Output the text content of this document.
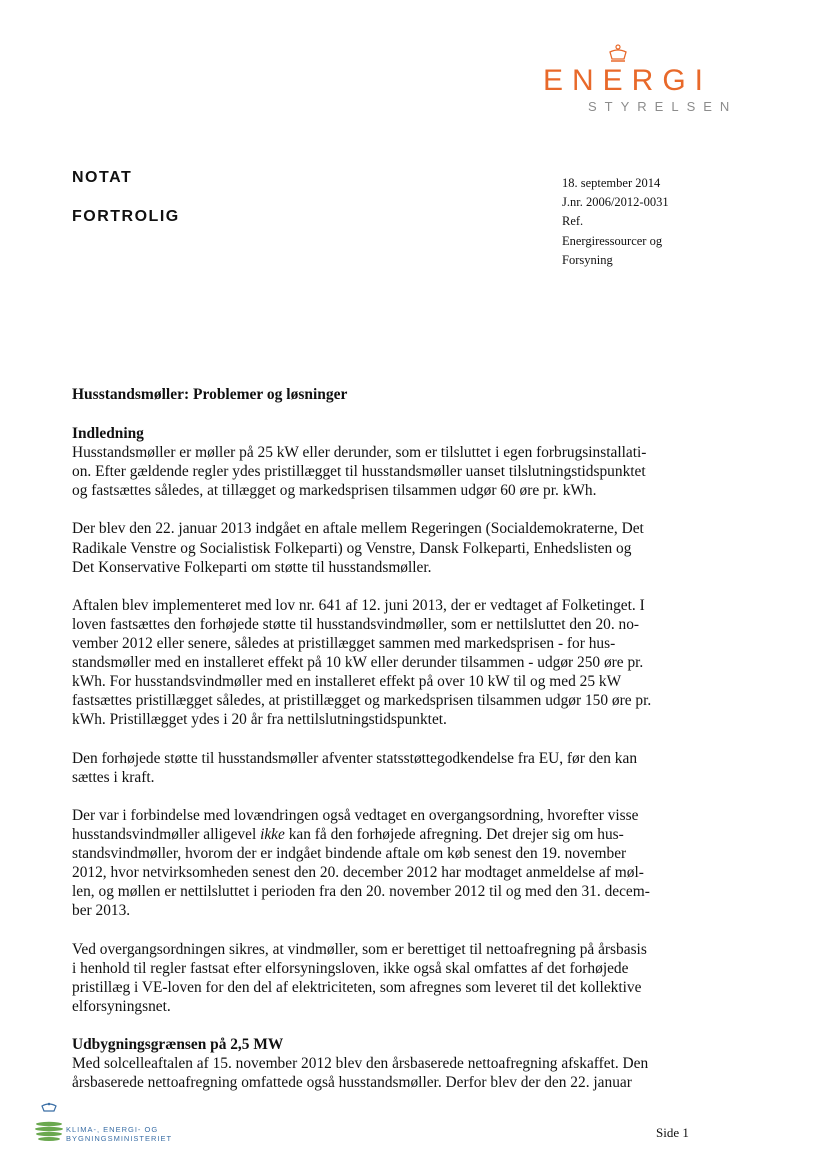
ENERGI
STYRELSEN
NOTAT
FORTROLIG
18. september 2014
J.nr. 2006/2012-0031
Ref.
Energiressourcer og
Forsyning
Husstandsmøller: Problemer og løsninger

Indledning

Husstandsmøller er møller på 25 kW eller derunder, som er tilsluttet i egen forbrugsinstallati-
on. Efter gældende regler ydes pristillægget til husstandsmøller uanset tilslutningstidspunktet
og fastsættes således, at tillægget og markedsprisen tilsammen udgør 60 øre pr. kWh.

Der blev den 22. januar 2013 indgået en aftale mellem Regeringen (Socialdemokraterne, Det
Radikale Venstre og Socialistisk Folkeparti) og Venstre, Dansk Folkeparti, Enhedslisten og
Det Konservative Folkeparti om støtte til husstandsmøller.

Aftalen blev implementeret med lov nr. 641 af 12. juni 2013, der er vedtaget af Folketinget. I
loven fastsættes den forhøjede støtte til husstandsvindmøller, som er nettilsluttet den 20. no-
vember 2012 eller senere, således at pristillægget sammen med markedsprisen - for hus-
standsmøller med en installeret effekt på 10 kW eller derunder tilsammen - udgør 250 øre pr.
kWh. For husstandsvindmøller med en installeret effekt på over 10 kW til og med 25 kW
fastsættes pristillægget således, at pristillægget og markedsprisen tilsammen udgør 150 øre pr.
kWh. Pristillægget ydes i 20 år fra nettilslutningstidspunktet.

Den forhøjede støtte til husstandsmøller afventer statsstøttegodkendelse fra EU, før den kan
sættes i kraft.

Der var i forbindelse med lovændringen også vedtaget en overgangsordning, hvorefter visse
husstandsvindmøller alligevel ikke kan få den forhøjede afregning. Det drejer sig om hus-
standsvindmøller, hvorom der er indgået bindende aftale om køb senest den 19. november
2012, hvor netvirksomheden senest den 20. december 2012 har modtaget anmeldelse af møl-
len, og møllen er nettilsluttet i perioden fra den 20. november 2012 til og med den 31. decem-
ber 2013.

Ved overgangsordningen sikres, at vindmøller, som er berettiget til nettoafregning på årsbasis
i henhold til regler fastsat efter elforsyningsloven, ikke også skal omfattes af det forhøjede
pristillæg i VE-loven for den del af elektriciteten, som afregnes som leveret til det kollektive
elforsyningsnet.

Udbygningsgrænsen på 2,5 MW

Med solcelleaftalen af 15. november 2012 blev den årsbaserede nettoafregning afskaffet. Den
årsbaserede nettoafregning omfattede også husstandsmøller. Derfor blev der den 22. januar

KLIMA-, ENERGI- OG
BYGNINGSMINISTERIET	Side 1
